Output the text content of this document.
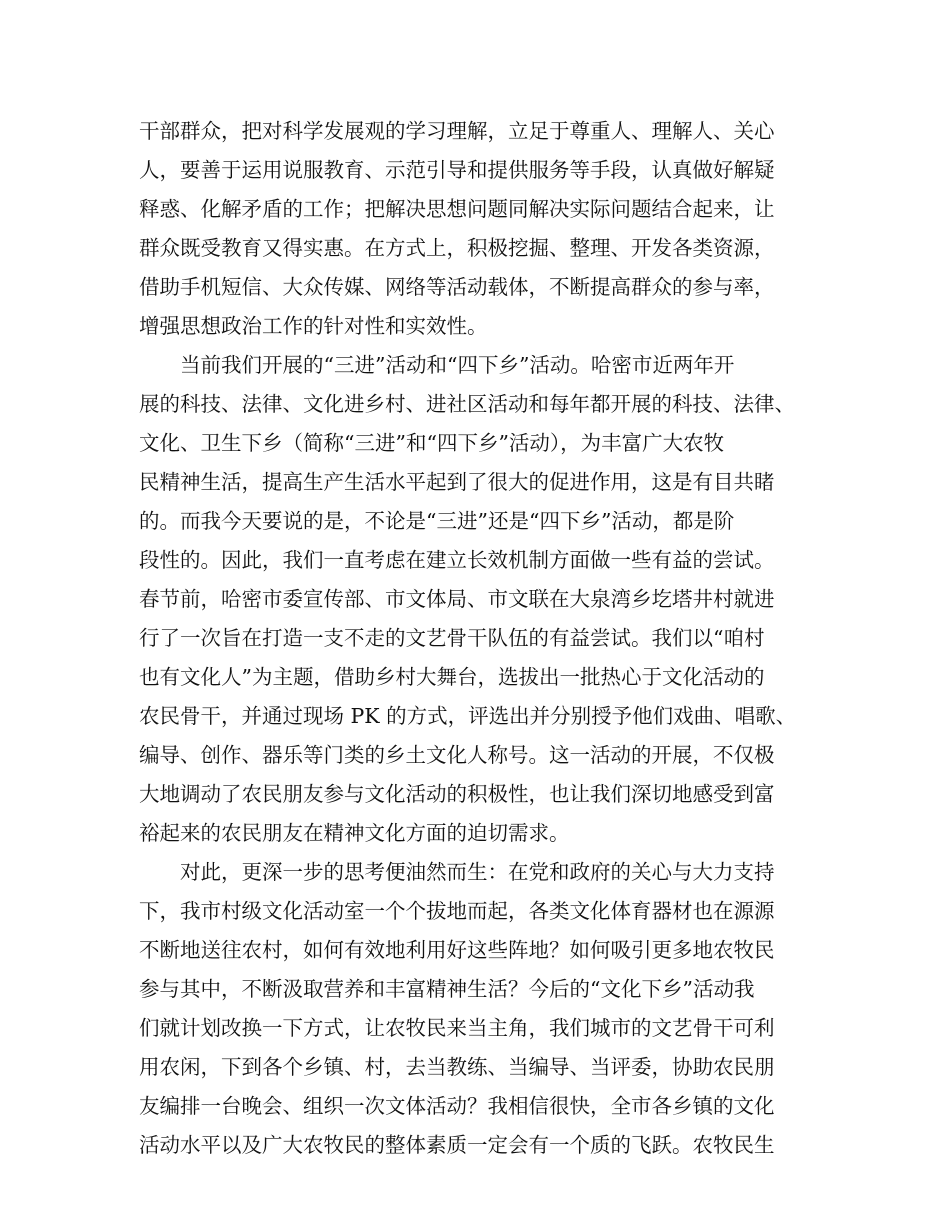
干部群众，把对科学发展观的学习理解，立足于尊重人、理解人、关心
人，要善于运用说服教育、示范引导和提供服务等手段，认真做好解疑
释惑、化解矛盾的工作；把解决思想问题同解决实际问题结合起来，让
群众既受教育又得实惠。在方式上，积极挖掘、整理、开发各类资源，
借助手机短信、大众传媒、网络等活动载体，不断提高群众的参与率，
增强思想政治工作的针对性和实效性。
　　当前我们开展的“三进”活动和“四下乡”活动。哈密市近两年开
展的科技、法律、文化进乡村、进社区活动和每年都开展的科技、法律、
文化、卫生下乡（简称“三进”和“四下乡”活动），为丰富广大农牧
民精神生活，提高生产生活水平起到了很大的促进作用，这是有目共睹
的。而我今天要说的是，不论是“三进”还是“四下乡”活动，都是阶
段性的。因此，我们一直考虑在建立长效机制方面做一些有益的尝试。
春节前，哈密市委宣传部、市文体局、市文联在大泉湾乡圪塔井村就进
行了一次旨在打造一支不走的文艺骨干队伍的有益尝试。我们以“咱村
也有文化人”为主题，借助乡村大舞台，选拔出一批热心于文化活动的
农民骨干，并通过现场 PK 的方式，评选出并分别授予他们戏曲、唱歌、
编导、创作、器乐等门类的乡土文化人称号。这一活动的开展，不仅极
大地调动了农民朋友参与文化活动的积极性，也让我们深切地感受到富
裕起来的农民朋友在精神文化方面的迫切需求。
　　对此，更深一步的思考便油然而生：在党和政府的关心与大力支持
下，我市村级文化活动室一个个拔地而起，各类文化体育器材也在源源
不断地送往农村，如何有效地利用好这些阵地？如何吸引更多地农牧民
参与其中，不断汲取营养和丰富精神生活？今后的“文化下乡”活动我
们就计划改换一下方式，让农牧民来当主角，我们城市的文艺骨干可利
用农闲，下到各个乡镇、村，去当教练、当编导、当评委，协助农民朋
友编排一台晚会、组织一次文体活动？我相信很快，全市各乡镇的文化
活动水平以及广大农牧民的整体素质一定会有一个质的飞跃。农牧民生
